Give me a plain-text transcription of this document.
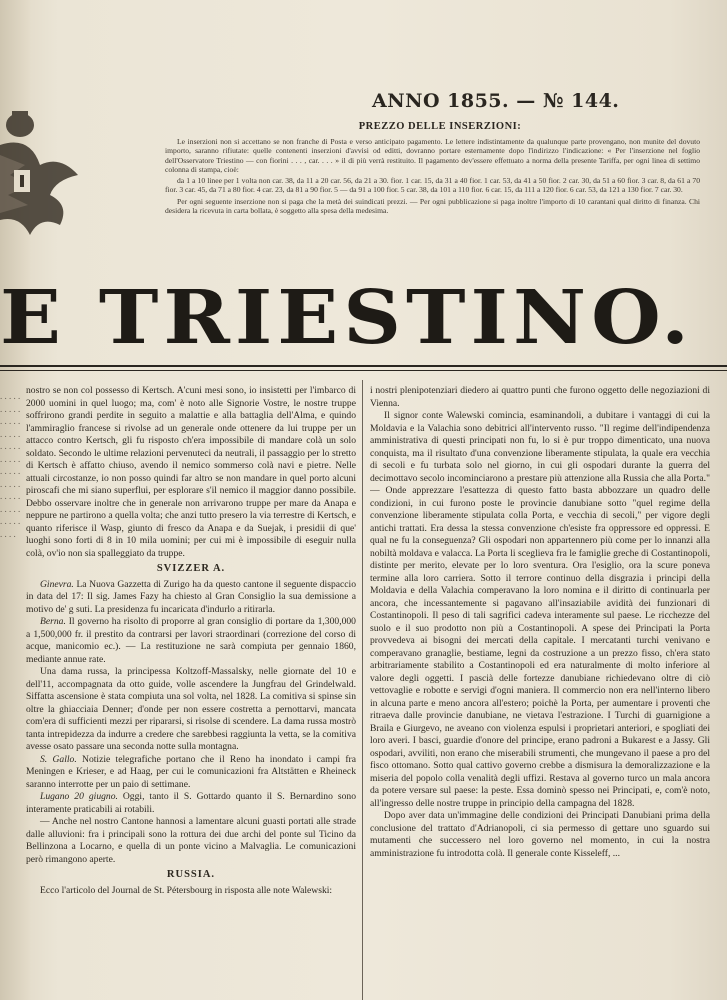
ANNO 1855. — № 144.
PREZZO DELLE INSERZIONI:

Le inserzioni non si accettano se non franche di Posta e verso anticipato pagamento. Le lettere indistintamente da qualunque parte provengano, non munite del dovuto importo, saranno rifiutate: quelle contenenti inserzioni d'avvisi od editti, dovranno portare esternamente dopo l'indirizzo l'indicazione: « Per l'inserzione nel foglio dell'Osservatore Triestino — con fiorini . . . , car. . . . » il di più verrà restituito. Il pagamento dev'essere effettuato a norma della presente Tariffa, per ogni linea di settimo colonna di stampa, cioè:

da 1 a 10 linee per 1 volta non car. 38, da 11 a 20 car. 56, da 21 a 30. fior. 1 car. 15, da 31 a 40 fior. 1 car. 53, da 41 a 50 fior. 2 car. 30, da 51 a 60 fior. 3 car. 8, da 61 a 70 fior. 3 car. 45, da 71 a 80 fior. 4 car. 23, da 81 a 90 fior. 5 — da 91 a 100 fior. 5 car. 38, da 101 a 110 fior. 6 car. 15, da 111 a 120 fior. 6 car. 53, da 121 a 130 fior. 7 car. 30.

Per ogni seguente inserzione non si paga che la metà dei suindicati prezzi. — Per ogni pubblicazione si paga inoltre l'importo di 10 carantani qual diritto di finanza. Chi desidera la ricevuta in carta bollata, è soggetto alla spesa della medesima.

E TRIESTINO.
. . . . . . . . . . . . . . . . . . . . . . . . . . . . . . . . . . . . . . . . . . . . . . . . . . . . . . . . . . .

nostro se non col possesso di Kertsch. A'cuni mesi sono, io insistetti per l'imbarco di 2000 uomini in quel luogo; ma, com' è noto alle Signorie Vostre, le nostre truppe soffrirono grandi perdite in seguito a malattie e alla battaglia dell'Alma, e quindo l'ammiraglio francese si rivolse ad un generale onde ottenere da lui truppe per un attacco contro Kertsch, gli fu risposto ch'era impossibile di mandare colà un solo soldato. Secondo le ultime relazioni pervenuteci da neutrali, il passaggio per lo stretto di Kertsch è affatto chiuso, avendo il nemico sommerso colà navi e pietre. Nelle attuali circostanze, io non posso quindi far altro se non mandare in quel porto alcuni piroscafi che mi siano superflui, per esplorare s'il nemico il maggior danno possibile. Debbo osservare inoltre che in generale non arrivarono truppe per mare da Anapa e neppure ne partirono a quella volta; che anzi tutto presero la via terrestre di Kertsch, e quanto riferisce il Wasp, giunto di fresco da Anapa e da Suejak, i presidii di que' luoghi sono forti di 8 in 10 mila uomini; per cui mi è impossibile di eseguir nulla colà, ov'io non sia spalleggiato da truppe.

SVIZZER A.

Ginevra. La Nuova Gazzetta di Zurigo ha da questo cantone il seguente dispaccio in data del 17: Il sig. James Fazy ha chiesto al Gran Consiglio la sua demissione a motivo de' g suti. La presidenza fu incaricata d'indurlo a ritirarla.

Berna. Il governo ha risolto di proporre al gran consiglio di portare da 1,300,000 a 1,500,000 fr. il prestito da contrarsi per lavori straordinari (correzione del corso di acque, manicomio ec.). — La restituzione ne sarà compiuta per gennaio 1860, mediante annue rate.

Una dama russa, la principessa Koltzoff-Massalsky, nelle giornate del 10 e dell'11, accompagnata da otto guide, volle ascendere la Jungfrau del Grindelwald. Siffatta ascensione è stata compiuta una sol volta, nel 1828. La comitiva si spinse sin oltre la ghiacciaia Denner; d'onde per non essere costretta a pernottarvi, mancata com'era di sufficienti mezzi per ripararsi, si risolse di scendere. La dama russa mostrò tanta intrepidezza da indurre a credere che sarebbesi raggiunta la vetta, se la comitiva avesse osato passare una seconda notte sulla montagna.

S. Gallo. Notizie telegrafiche portano che il Reno ha inondato i campi fra Meningen e Krieser, e ad Haag, per cui le comunicazioni fra Altstätten e Rheineck saranno interrotte per un paio di settimane.

Lugano 20 giugno. Oggi, tanto il S. Gottardo quanto il S. Bernardino sono interamente praticabili ai rotabili.

— Anche nel nostro Cantone hannosi a lamentare alcuni guasti portati alle strade dalle alluvioni: fra i principali sono la rottura dei due archi del ponte sul Ticino da Bellinzona a Locarno, e quella di un ponte vicino a Malvaglia. Le comunicazioni però rimangono aperte.

RUSSIA.

Ecco l'articolo del Journal de St. Pétersbourg in risposta alle note Walewski:

i nostri plenipotenziari diedero ai quattro punti che furono oggetto delle negoziazioni di Vienna.

Il signor conte Walewski comincia, esaminandoli, a dubitare i vantaggi di cui la Moldavia e la Valachia sono debitrici all'intervento russo. "Il regime dell'indipendenza amministrativa di questi principati non fu, lo si è pur troppo dimenticato, una nuova conquista, ma il risultato d'una convenzione liberamente stipulata, la quale era vecchia di secoli e fu turbata solo nel giorno, in cui gli ospodari durante la guerra del decimottavo secolo incominciarono a prestare più attenzione alla Russia che alla Porta." — Onde apprezzare l'esattezza di questo fatto basta abbozzare un quadro delle condizioni, in cui furono poste le provincie danubiane sotto "quel regime della convenzione liberamente stipulata colla Porta, e vecchia di secoli," per vigore degli antichi trattati. Era dessa la stessa convenzione ch'esiste fra oppressore ed oppressi. E qual ne fu la conseguenza? Gli ospodari non appartennero più come per lo innanzi alla nobiltà moldava e valacca. La Porta li sceglieva fra le famiglie greche di Costantinopoli, distinte per merito, elevate per lo loro sventura. Ora l'esiglio, ora la scure poneva termine alla loro carriera. Sotto il terrore continuo della disgrazia i principi della Moldavia e della Valachia comperavano la loro nomina e il diritto di continuarla per ancora, che incessantemente si pagavano all'insaziabile avidità dei funzionari di Costantinopoli. Il peso di tali sagrifici cadeva interamente sul paese. Le ricchezze del suolo e il suo prodotto non più a Costantinopoli. A spese dei Principati la Porta provvedeva ai bisogni dei mercati della capitale. I mercatanti turchi venivano e comperavano granaglie, bestiame, legni da costruzione a un prezzo fisso, ch'era stato arbitrariamente stabilito a Costantinopoli ed era naturalmente di molto inferiore al valore degli oggetti. I pascià delle fortezze danubiane richiedevano oltre di ciò vettovaglie e robotte e servigi d'ogni maniera. Il commercio non era nell'interno libero in alcuna parte e meno ancora all'estero; poichè la Porta, per aumentare i proventi che ritraeva dalle provincie danubiane, ne vietava l'estrazione. I Turchi di guarnigione a Braila e Giurgevo, ne aveano con violenza espulsi i proprietari anteriori, e spogliati dei loro averi. I basci, guardie d'onore del principe, erano padroni a Bukarest e a Jassy. Gli ospodari, avviliti, non erano che miserabili strumenti, che mungevano il paese a pro del fisco ottomano. Sotto qual cattivo governo crebbe a dismisura la demoralizzazione e la miseria del popolo colla venalità degli uffizi. Restava al governo turco un mala ancora da potere versare sul paese: la peste. Essa dominò spesso nei Principati, e, com'è noto, all'ingresso delle nostre truppe in principio della campagna del 1828.

Dopo aver data un'immagine delle condizioni dei Principati Danubiani prima della conclusione del trattato d'Adrianopoli, ci sia permesso di gettare uno sguardo sui mutamenti che successero nel loro governo nel momento, in cui la nostra amministrazione fu introdotta colà. Il generale conte Kisseleff, ...
